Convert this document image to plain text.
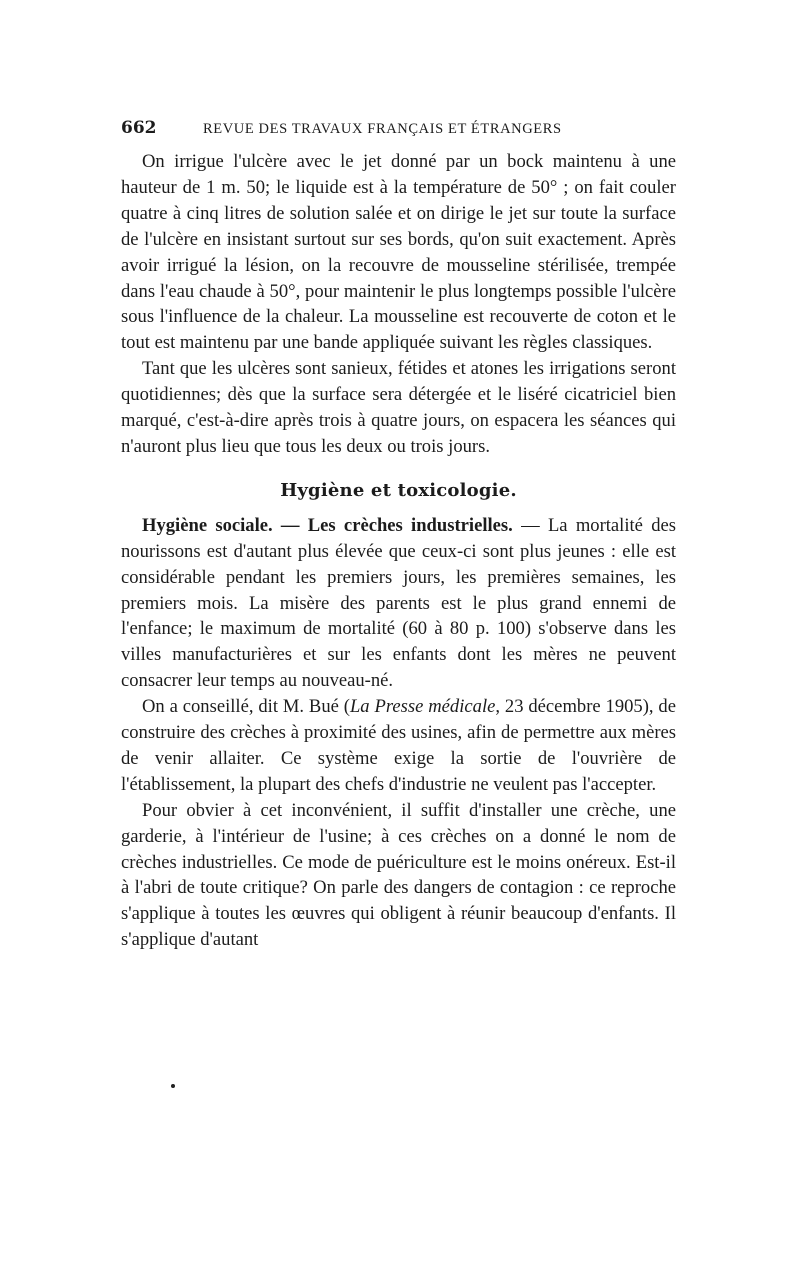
662	REVUE DES TRAVAUX FRANÇAIS ET ÉTRANGERS

On irrigue l'ulcère avec le jet donné par un bock maintenu à une hauteur de 1 m. 50; le liquide est à la température de 50° ; on fait couler quatre à cinq litres de solution salée et on dirige le jet sur toute la surface de l'ulcère en insistant surtout sur ses bords, qu'on suit exactement. Après avoir irrigué la lésion, on la recouvre de mousseline stérilisée, trempée dans l'eau chaude à 50°, pour maintenir le plus longtemps possible l'ulcère sous l'influence de la chaleur. La mousseline est recouverte de coton et le tout est maintenu par une bande appliquée suivant les règles classiques.

Tant que les ulcères sont sanieux, fétides et atones les irrigations seront quotidiennes; dès que la surface sera détergée et le liséré cicatriciel bien marqué, c'est-à-dire après trois à quatre jours, on espacera les séances qui n'auront plus lieu que tous les deux ou trois jours.

Hygiène et toxicologie.

Hygiène sociale. — Les crèches industrielles. — La mortalité des nourissons est d'autant plus élevée que ceux-ci sont plus jeunes : elle est considérable pendant les premiers jours, les premières semaines, les premiers mois. La misère des parents est le plus grand ennemi de l'enfance; le maximum de mortalité (60 à 80 p. 100) s'observe dans les villes manufacturières et sur les enfants dont les mères ne peuvent consacrer leur temps au nouveau-né.

On a conseillé, dit M. Bué (La Presse médicale, 23 décembre 1905), de construire des crèches à proximité des usines, afin de permettre aux mères de venir allaiter. Ce système exige la sortie de l'ouvrière de l'établissement, la plupart des chefs d'industrie ne veulent pas l'accepter.

Pour obvier à cet inconvénient, il suffit d'installer une crèche, une garderie, à l'intérieur de l'usine; à ces crèches on a donné le nom de crèches industrielles. Ce mode de puériculture est le moins onéreux. Est-il à l'abri de toute critique? On parle des dangers de contagion : ce reproche s'applique à toutes les œuvres qui obligent à réunir beaucoup d'enfants. Il s'applique d'autant
